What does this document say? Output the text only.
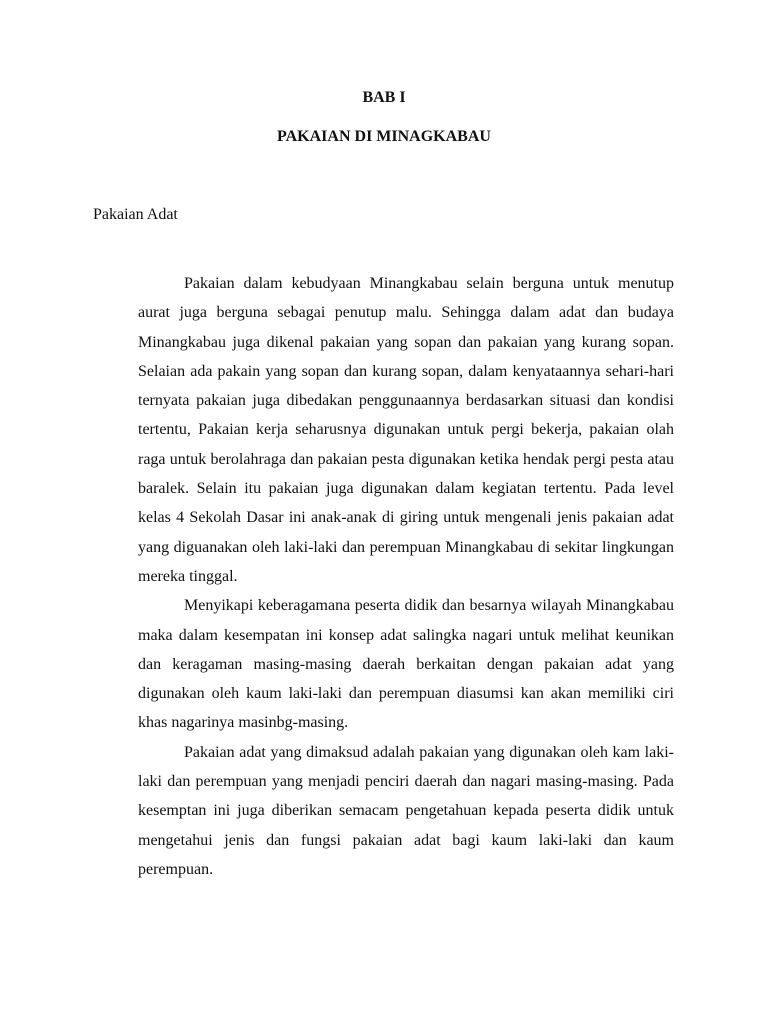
BAB I
PAKAIAN DI MINAGKABAU
Pakaian Adat

Pakaian dalam kebudyaan Minangkabau selain berguna untuk menutup aurat juga berguna sebagai penutup malu. Sehingga dalam adat dan budaya Minangkabau juga dikenal pakaian yang sopan dan pakaian yang kurang sopan. Selaian ada pakain yang sopan dan kurang sopan, dalam kenyataannya sehari-hari ternyata pakaian juga dibedakan penggunaannya berdasarkan situasi dan kondisi tertentu, Pakaian kerja seharusnya digunakan untuk pergi bekerja, pakaian olah raga untuk berolahraga dan pakaian pesta digunakan ketika hendak pergi pesta atau baralek. Selain itu pakaian juga digunakan dalam kegiatan tertentu. Pada level kelas 4 Sekolah Dasar ini anak-anak di giring untuk mengenali jenis pakaian adat yang diguanakan oleh laki-laki dan perempuan Minangkabau di sekitar lingkungan mereka tinggal.

Menyikapi keberagamana peserta didik dan besarnya wilayah Minangkabau maka dalam kesempatan ini konsep adat salingka nagari untuk melihat keunikan dan keragaman masing-masing daerah berkaitan dengan pakaian adat yang digunakan oleh kaum laki-laki dan perempuan diasumsi kan akan memiliki ciri khas nagarinya masinbg-masing.

Pakaian adat yang dimaksud adalah pakaian yang digunakan oleh kam laki-laki dan perempuan yang menjadi penciri daerah dan nagari masing-masing. Pada kesemptan ini juga diberikan semacam pengetahuan kepada peserta didik untuk mengetahui jenis dan fungsi pakaian adat bagi kaum laki-laki dan kaum perempuan.
